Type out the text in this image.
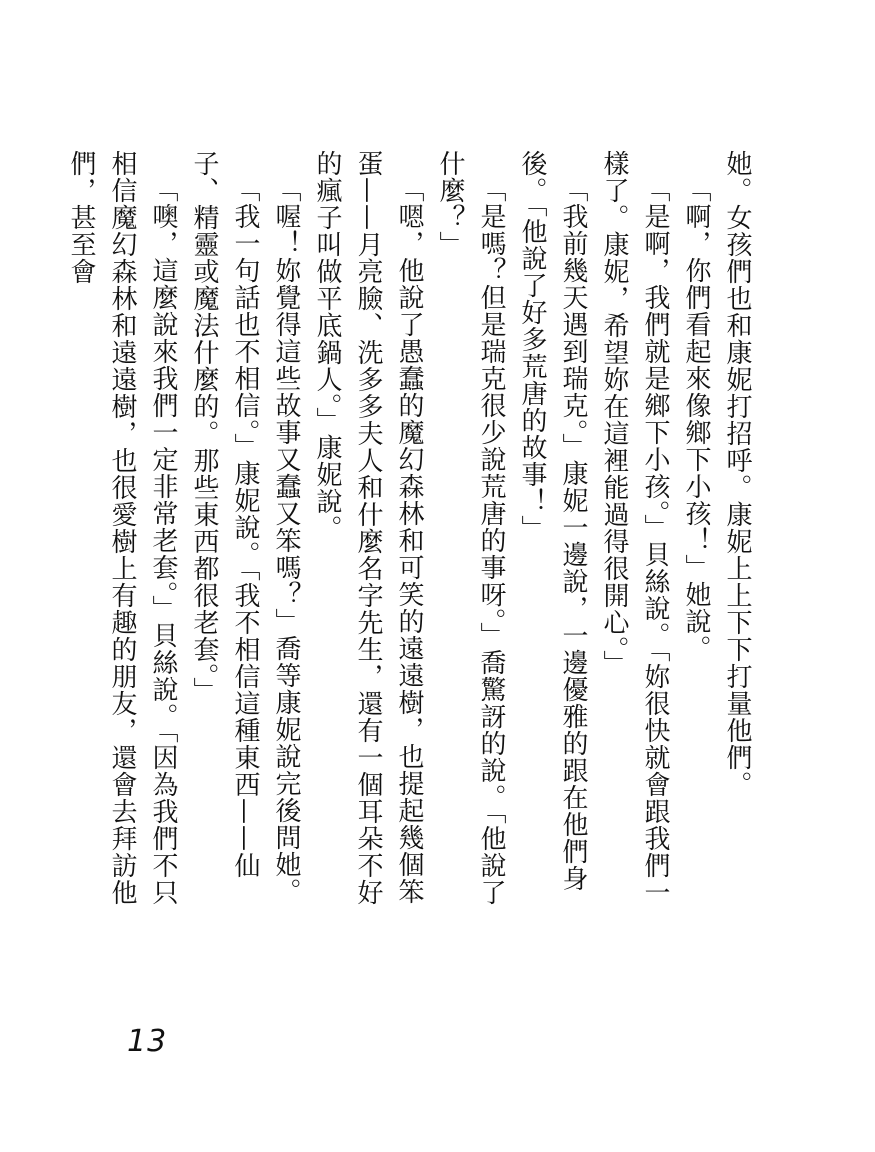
她。女孩們也和康妮打招呼。康妮上上下下打量他們。

「啊，你們看起來像鄉下小孩！」她說。

「是啊，我們就是鄉下小孩。」貝絲說。「妳很快就會跟我們一樣了。康妮，希望妳在這裡能過得很開心。」

「我前幾天遇到瑞克。」康妮一邊說，一邊優雅的跟在他們身後。「他說了好多荒唐的故事！」

「是嗎？但是瑞克很少說荒唐的事呀。」喬驚訝的說。「他說了什麼？」

「嗯，他說了愚蠢的魔幻森林和可笑的遠遠樹，也提起幾個笨蛋——月亮臉、洗多多夫人和什麼名字先生，還有一個耳朵不好的瘋子叫做平底鍋人。」康妮說。

「喔！妳覺得這些故事又蠢又笨嗎？」喬等康妮說完後問她。

「我一句話也不相信。」康妮說。「我不相信這種東西——仙子、精靈或魔法什麼的。那些東西都很老套。」

「噢，這麼說來我們一定非常老套。」貝絲說。「因為我們不只相信魔幻森林和遠遠樹，也很愛樹上有趣的朋友，還會去拜訪他們，甚至會

13
